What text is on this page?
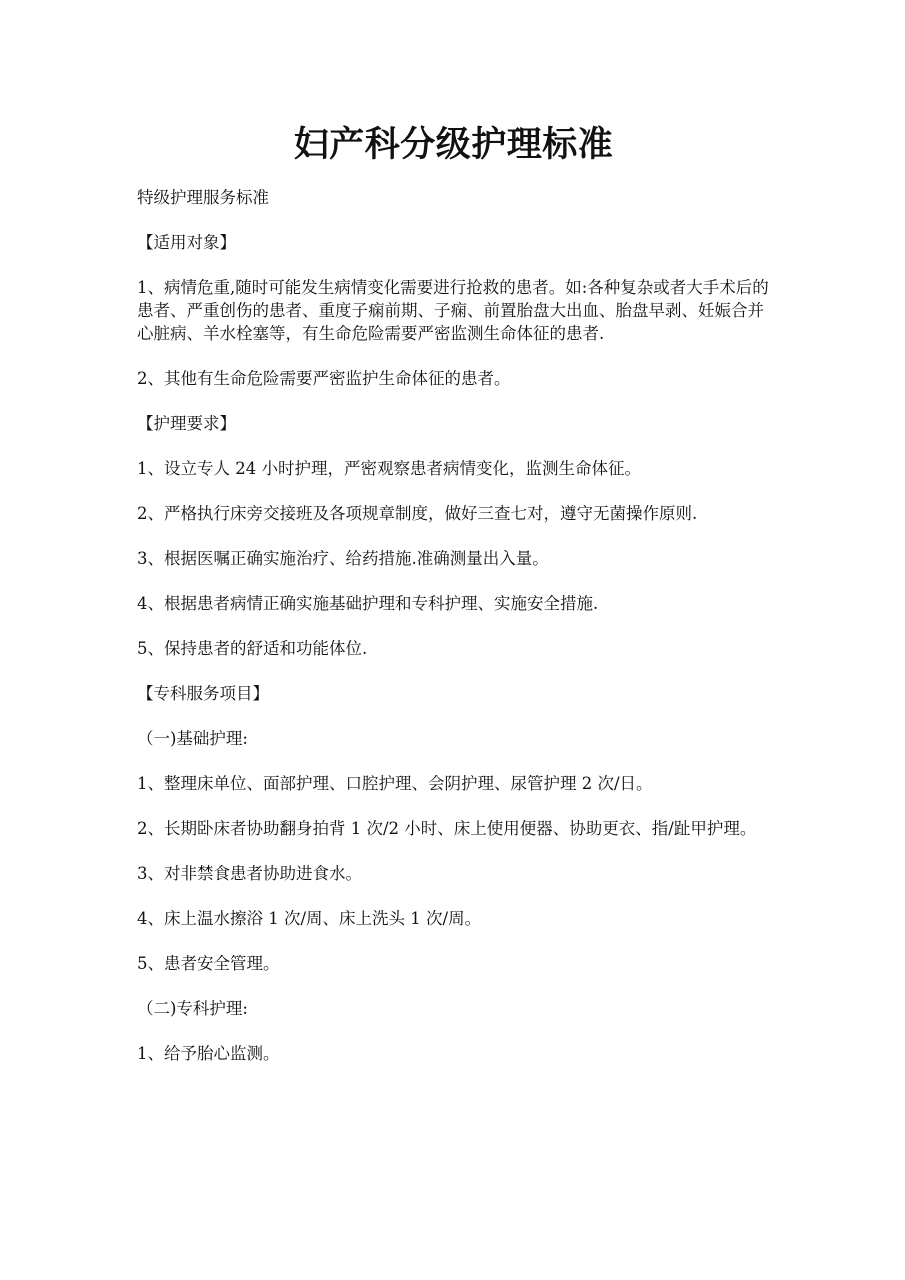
妇产科分级护理标准

特级护理服务标准

【适用对象】

1、病情危重,随时可能发生病情变化需要进行抢救的患者。如:各种复杂或者大手术后的患者、严重创伤的患者、重度子痫前期、子痫、前置胎盘大出血、胎盘早剥、妊娠合并心脏病、羊水栓塞等，有生命危险需要严密监测生命体征的患者.

2、其他有生命危险需要严密监护生命体征的患者。

【护理要求】

1、设立专人 24 小时护理，严密观察患者病情变化，监测生命体征。

2、严格执行床旁交接班及各项规章制度，做好三查七对，遵守无菌操作原则.

3、根据医嘱正确实施治疗、给药措施.准确测量出入量。

4、根据患者病情正确实施基础护理和专科护理、实施安全措施.

5、保持患者的舒适和功能体位.

【专科服务项目】

（一)基础护理:

1、整理床单位、面部护理、口腔护理、会阴护理、尿管护理 2 次/日。

2、长期卧床者协助翻身拍背 1 次/2 小时、床上使用便器、协助更衣、指/趾甲护理。

3、对非禁食患者协助进食水。

4、床上温水擦浴 1 次/周、床上洗头 1 次/周。

5、患者安全管理。

（二)专科护理:

1、给予胎心监测。
